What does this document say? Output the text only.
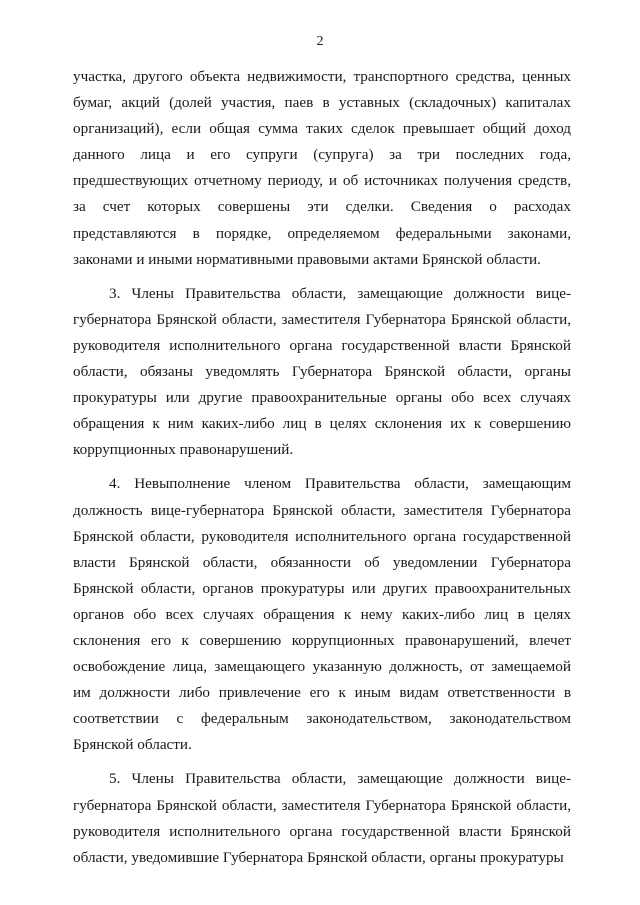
2

участка, другого объекта недвижимости, транспортного средства, ценных бумаг, акций (долей участия, паев в уставных (складочных) капиталах организаций), если общая сумма таких сделок превышает общий доход данного лица и его супруги (супруга) за три последних года, предшествующих отчетному периоду, и об источниках получения средств, за счет которых совершены эти сделки. Сведения о расходах представляются в порядке, определяемом федеральными законами, законами и иными нормативными правовыми актами Брянской области.

3. Члены Правительства области, замещающие должности вице-губернатора Брянской области, заместителя Губернатора Брянской области, руководителя исполнительного органа государственной власти Брянской области, обязаны уведомлять Губернатора Брянской области, органы прокуратуры или другие правоохранительные органы обо всех случаях обращения к ним каких-либо лиц в целях склонения их к совершению коррупционных правонарушений.

4. Невыполнение членом Правительства области, замещающим должность вице-губернатора Брянской области, заместителя Губернатора Брянской области, руководителя исполнительного органа государственной власти Брянской области, обязанности об уведомлении Губернатора Брянской области, органов прокуратуры или других правоохранительных органов обо всех случаях обращения к нему каких-либо лиц в целях склонения его к совершению коррупционных правонарушений, влечет освобождение лица, замещающего указанную должность, от замещаемой им должности либо привлечение его к иным видам ответственности в соответствии с федеральным законодательством, законодательством Брянской области.

5. Члены Правительства области, замещающие должности вице-губернатора Брянской области, заместителя Губернатора Брянской области, руководителя исполнительного органа государственной власти Брянской области, уведомившие Губернатора Брянской области, органы прокуратуры
